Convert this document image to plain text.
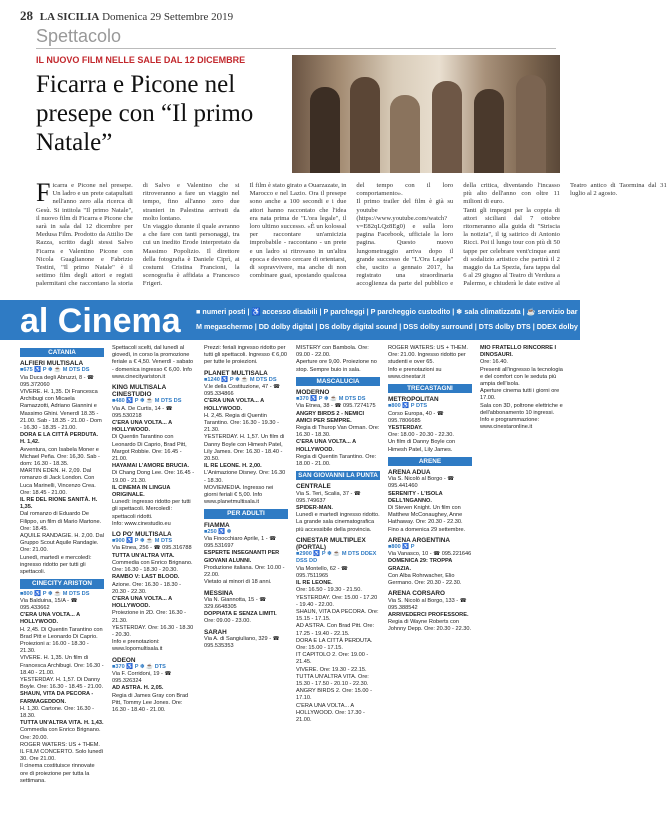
28 LA SICILIA Domenica 29 Settembre 2019
Spettacolo
IL NUOVO FILM NELLE SALE DAL 12 DICEMBRE
Ficarra e Picone nel presepe con “Il primo Natale”

Ficarra e Picone nel presepe. Un ladro e un prete catapultati nell'anno zero alla ricerca di Gesù. Si intitola "Il primo Natale", il nuovo film di Ficarra e Picone che sarà in sala dal 12 dicembre per Medusa Film. Prodotto da Attilio De Razza, scritto dagli stessi Salvo Ficarra e Valentino Picone con Nicola Guaglianone e Fabrizio Testini, "Il primo Natale" è il settimo film degli attori e registi palermitani che raccontano la storia di Salvo e Valentino che si ritroveranno a fare un viaggio nel tempo, fino all'anno zero due stranieri in Palestina arrivati da molto lontano.

Un viaggio durante il quale avranno a che fare con tanti personaggi, tra cui un inedito Erode interpretato da Massimo Popolizio. Il direttore della fotografia è Daniele Ciprì, ai costumi Cristina Francioni, la scenografia è affidata a Francesco Frigeri.

Il film è stato girato a Ouarzazate, in Marocco e nel Lazio. Ora il presepe sono anche a 100 secondi e i due attori hanno raccontato che l'idea era nata prima de "L'ora legale", il loro ultimo successo. «È un kolossal per raccontare un'amicizia improbabile - raccontano - un prete e un ladro si ritrovano in un'altra epoca e devono cercare di orientarsi, di sopravvivere, ma anche di non combinare guai, spostando qualcosa del tempo con il loro comportamento».

Il primo trailer del film è già su youtube (https://www.youtube.com/watch?v=E82qLQz8Eg0) e sulla loro pagina Facebook, ufficiale la loro pagina. Questo nuovo lungometraggio arriva dopo il grande successo de "L'Ora Legale" che, uscito a gennaio 2017, ha registrato una straordinaria accoglienza da parte del pubblico e della critica, diventando l'incasso più alto dell'anno con oltre 11 milioni di euro.

Tanti gli impegni per la coppia di attori siciliani dal 7 ottobre ritorneranno alla guida di "Striscia la notizia", il tg satirico di Antonio Ricci. Poi il lungo tour con più di 50 tappe per celebrare vent'cinque anni di sodalizio artistico che partirà il 2 maggio da La Spezia, fara tappa dal 6 al 29 giugno al Teatro di Verdura a Palermo, e chiuderà le date estive al Teatro antico di Taormina dal 31 luglio al 2 agosto.

al Cinema ■ numeri posti | ♿ accesso disabili | P parcheggi | P parcheggio custodito | ❄ sala climatizzata | ☕ servizio bar
M megaschermo | DD dolby digital | DS dolby digital sound | DSS dolby surround | DTS dolby DTS | DDEX dolby 3 D
CATANIA
ALFIERI MULTISALA
■675 ♿ P ❄ ☕ M DTS DS
Via Duca degli Abruzzi, 8 - ☎ 095.372060
VIVERE. H. 1,35. Di Francesca Archibugi con Micaela Ramazzotti, Adriano Giannini e Massimo Ghini. Venerdì 18.35 - 21.00. Sab - 18.35 - 21.00 - Dom - 16.30 - 18.35 - 21.00.
DORA E LA CITTÀ PERDUTA. H. 1,42.
Avventura, con Isabela Moner e Michael Peña. Ore: 16,30. Sab - dom: 16.30 - 18.35.
MARTIN EDEN. H. 2,09. Dal romanzo di Jack London. Con Luca Marinelli, Vincenzo Crea. Ore: 18.45 - 21.00.
IL RE DEL RIONE SANITÀ. H. 1,35.
Dal romanzo di Eduardo De Filippo, un film di Mario Martone. Ore: 18.45.
AQUILE RANDAGIE. H. 2,00. Dal Gruppo Scout Aquile Randagie. Ore: 21.00.
Lunedì, martedì e mercoledì: ingresso ridotto per tutti gli spettacoli.
CINECITY ARISTON
■800 ♿ P ❄ ☕ M DTS DS
Via Balduina, 15/A - ☎ 095.433662
C'ERA UNA VOLTA... A HOLLYWOOD.
H. 2,45. Di Quentin Tarantino con Brad Pitt e Leonardo Di Caprio. Proiezioni a: 16.00 - 18.30 - 21.30.
VIVERE. H. 1,35. Un film di Francesca Archibugi. Ore: 16.30 - 18.40 - 21.00.
YESTERDAY. H. 1,57. Di Danny Boyle. Ore: 16.30 - 18.45 - 21.00.
SHAUN, VITA DA PECORA - FARMAGEDDON.
H. 1,30. Cartone. Ore: 16.30 - 18.30.
TUTTA UN'ALTRA VITA. H. 1,43.
Commedia con Enrico Brignano. Ore: 20.00.
ROGER WATERS: US + THEM. IL FILM CONCERTO. Solo lunedì 30. Ore 21.00.
Il cinema costituisce rinnovate ore di proiezione per tutta la settimana.
Spettacoli scelti, dal lunedì al giovedì, in corso la promozione feriale a € 4,50. Venerdì - sabato - domenica ingresso € 6,00. Info www.cinecityariston.it
KING MULTISALA CINESTUDIO
■480 ♿ P ❄ ☕ M DTS DS
Via A. De Curtis, 14 - ☎ 095.530218
C'ERA UNA VOLTA... A HOLLYWOOD.
Di Quentin Tarantino con Leonardo Di Caprio, Brad Pitt, Margot Robbie. Ore: 16.45 - 21.00.
HAYAMAI L'AMORE BRUCIA.
Di Chang Dong Lee. Ore: 16.45 - 19.00 - 21.30.
IL CINEMA IN LINGUA ORIGINALE.
Lunedì: ingresso ridotto per tutti gli spettacoli. Mercoledì: spettacoli ridotti.
Info: www.cinestudio.eu
LO PO' MULTISALA
■900 ♿ P ❄ ☕ M DTS
Via Etnea, 256 - ☎ 095.316788
TUTTA UN'ALTRA VITA.
Commedia con Enrico Brignano. Ore: 16.30 - 18.30 - 20.30.
RAMBO V: LAST BLOOD.
Azione. Ore: 16.30 - 18.30 - 20.30 - 22.30.
C'ERA UNA VOLTA... A HOLLYWOOD.
Proiezione in 2D. Ore: 16.30 - 21.30.
YESTERDAY. Ore: 16.30 - 18.30 - 20.30.
Info e prenotazioni: www.lopomultisala.it
ODEON
■370 ♿ P ❄ ☕ DTS
Via F. Corridoni, 19 - ☎ 095.326324
AD ASTRA. H. 2,05.
Regia di James Gray con Brad Pitt, Tommy Lee Jones. Ore: 16.30 - 18.40 - 21.00.
Prezzi: feriali ingresso ridotto per tutti gli spettacoli. Ingresso € 6,00 per tutte le proiezioni.
PLANET MULTISALA
■1240 ♿ P ❄ ☕ M DTS DS
V.le della Costituzione, 47 - ☎ 095.334866
C'ERA UNA VOLTA... A HOLLYWOOD.
H. 2,45. Regia di Quentin Tarantino. Ore: 16.30 - 19.30 - 21.30.
YESTERDAY. H. 1,57. Un film di Danny Boyle con Himesh Patel, Lily James. Ore: 16.30 - 18.40 - 20.50.
IL RE LEONE. H. 2,00.
L'Animazione Disney. Ore: 16.30 - 18.30.
MOVIEMEDIA. Ingresso nei giorni feriali € 5,00. Info www.planetmultisala.it
PER ADULTI
FIAMMA
■250 ♿ ❄
Via Finocchiaro Aprile, 1 - ☎ 095.531697
ESPERTE INSEGNANTI PER GIOVANI ALUNNI.
Produzione italiana. Ore: 10.00 - 22.00.
Vietato ai minori di 18 anni.
MESSINA
Via N. Giannotta, 15 - ☎ 329.6648305
DOPPIATA E SENZA LIMITI.
Ore: 09.00 - 23.00.
SARAH
Via A. di Sangiuliano, 329 - ☎ 095.535353
MISTERY con Bambola. Ore: 09.00 - 22.00.
Aperture ore 9,00. Proiezione no stop. Sempre buio in sala.
MASCALUCIA
MODERNO
■370 ♿ P ❄ ☕ M DTS DS
Via Etnea, 38 - ☎ 095.7274175
ANGRY BIRDS 2 - NEMICI AMICI PER SEMPRE.
Regia di Thurop Van Orman. Ore: 16.30 - 18.30.
C'ERA UNA VOLTA... A HOLLYWOOD.
Regia di Quentin Tarantino. Ore: 18.00 - 21.00.
SAN GIOVANNI LA PUNTA
CENTRALE
Via S. Teri, Scalia, 37 - ☎ 095.749637
SPIDER-MAN.
Lunedì e martedì ingresso ridotto. La grande sala cinematografica più accessibile della provincia.
CINESTAR MULTIPLEX (PORTAL)
■2900 ♿ P ❄ ☕ M DTS DDEX DSS DD
Via Montello, 62 - ☎ 095.7511965
IL RE LEONE.
Ore: 16.50 - 19.30 - 21.50.
YESTERDAY. Ore: 15.00 - 17.20 - 19.40 - 22.00.
SHAUN, VITA DA PECORA. Ore: 15.15 - 17.15.
AD ASTRA. Con Brad Pitt. Ore: 17.25 - 19.40 - 22.15.
DORA E LA CITTÀ PERDUTA. Ore: 15.00 - 17.15.
IT CAPITOLO 2. Ore: 19.00 - 21.45.
VIVERE. Ore: 19.30 - 22.15.
TUTTA UN'ALTRA VITA. Ore: 15.30 - 17.50 - 20.10 - 22.30.
ANGRY BIRDS 2. Ore: 15.00 - 17.10.
C'ERA UNA VOLTA... A HOLLYWOOD. Ore: 17.30 - 21.00.
ROGER WATERS: US + THEM. Ore: 21.00. Ingresso ridotto per studenti e over 65.
Info e prenotazioni su www.cinestar.it
TRECASTAGNI
METROPOLITAN
■800 ♿ P DTS
Corso Europa, 40 - ☎ 095.7806685
YESTERDAY.
Ore: 18.00 - 20.30 - 22.30.
Un film di Danny Boyle con Himesh Patel, Lily James.
ARENE
ARENA ADUA
Via S. Nicolò al Borgo - ☎ 095.441460
SERENITY - L'ISOLA DELL'INGANNO.
Di Steven Knight. Un film con Matthew McConaughey, Anne Hathaway. Ore: 20.30 - 22.30.
Fino a domenica 29 settembre.
ARENA ARGENTINA
■800 ♿ P
Via Vanasco, 10 - ☎ 095.221646
DOMENICA 29: TROPPA GRAZIA.
Con Alba Rohrwacher, Elio Germano. Ore: 20.30 - 22.30.
ARENA CORSARO
Via S. Nicolò al Borgo, 133 - ☎ 095.388542
ARRIVEDERCI PROFESSORE.
Regia di Wayne Roberts con Johnny Depp. Ore: 20.30 - 22.30.
MIO FRATELLO RINCORRE I DINOSAURI.
Ore: 16.40.
Presenti all'ingresso la tecnologia e del comfort con le seduta più ampia dell'isola.
Aperture cinema tutti i giorni ore 17.00.
Sala con 3D, poltrone elettriche e dell'abbonamento 10 ingressi.
Info e programmazione: www.cinestaronline.it
